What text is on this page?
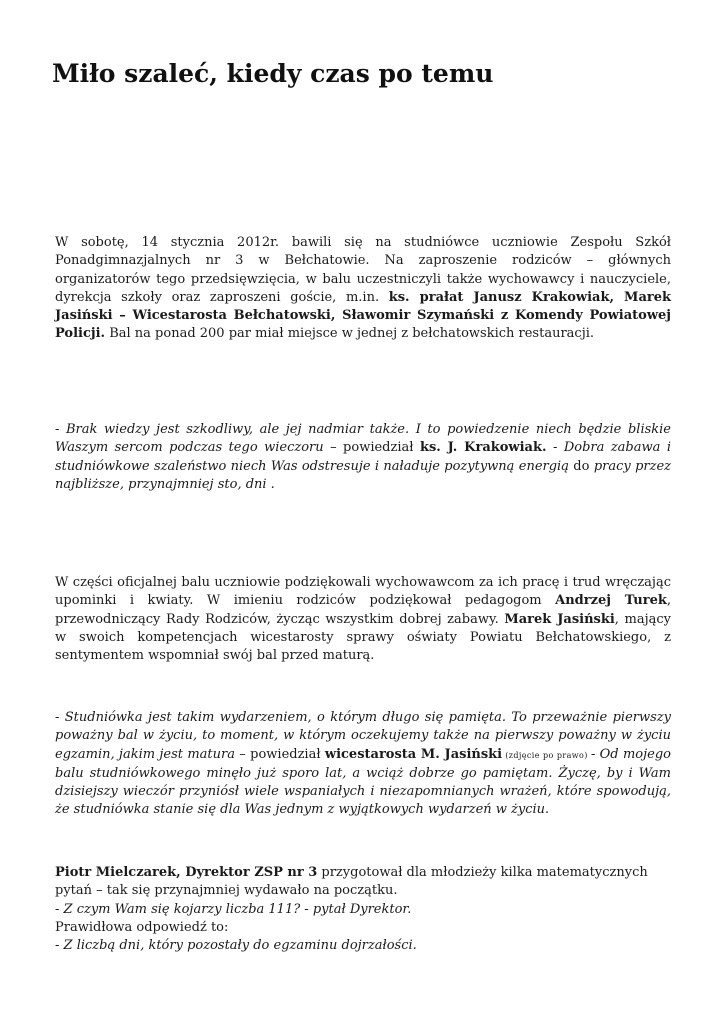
Miło szaleć, kiedy czas po temu

W sobotę, 14 stycznia 2012r. bawili się na studniówce uczniowie Zespołu Szkół Ponadgimnazjalnych nr 3 w Bełchatowie. Na zaproszenie rodziców – głównych organizatorów tego przedsięwzięcia, w balu uczestniczyli także wychowawcy i nauczyciele, dyrekcja szkoły oraz zaproszeni goście, m.in. ks. prałat Janusz Krakowiak, Marek Jasiński – Wicestarosta Bełchatowski, Sławomir Szymański z Komendy Powiatowej Policji. Bal na ponad 200 par miał miejsce w jednej z bełchatowskich restauracji.

- Brak wiedzy jest szkodliwy, ale jej nadmiar także. I to powiedzenie niech będzie bliskie Waszym sercom podczas tego wieczoru – powiedział ks. J. Krakowiak. - Dobra zabawa i studniówkowe szaleństwo niech Was odstresuje i naładuje pozytywną energią do pracy przez najbliższe, przynajmniej sto, dni .

W części oficjalnej balu uczniowie podziękowali wychowawcom za ich pracę i trud wręczając upominki i kwiaty. W imieniu rodziców podziękował pedagogom Andrzej Turek, przewodniczący Rady Rodziców, życząc wszystkim dobrej zabawy. Marek Jasiński, mający w swoich kompetencjach wicestarosty sprawy oświaty Powiatu Bełchatowskiego, z sentymentem wspomniał swój bal przed maturą.

- Studniówka jest takim wydarzeniem, o którym długo się pamięta. To przeważnie pierwszy poważny bal w życiu, to moment, w którym oczekujemy także na pierwszy poważny w życiu egzamin, jakim jest matura – powiedział wicestarosta M. Jasiński (zdjęcie po prawo) - Od mojego balu studniówkowego minęło już sporo lat, a wciąż dobrze go pamiętam. Życzę, by i Wam dzisiejszy wieczór przyniósł wiele wspaniałych i niezapomnianych wrażeń, które spowodują, że studniówka stanie się dla Was jednym z wyjątkowych wydarzeń w życiu.

Piotr Mielczarek, Dyrektor ZSP nr 3 przygotował dla młodzieży kilka matematycznych pytań – tak się przynajmniej wydawało na początku.
- Z czym Wam się kojarzy liczba 111? - pytał Dyrektor.
Prawidłowa odpowiedź to:
- Z liczbą dni, który pozostały do egzaminu dojrzałości.
